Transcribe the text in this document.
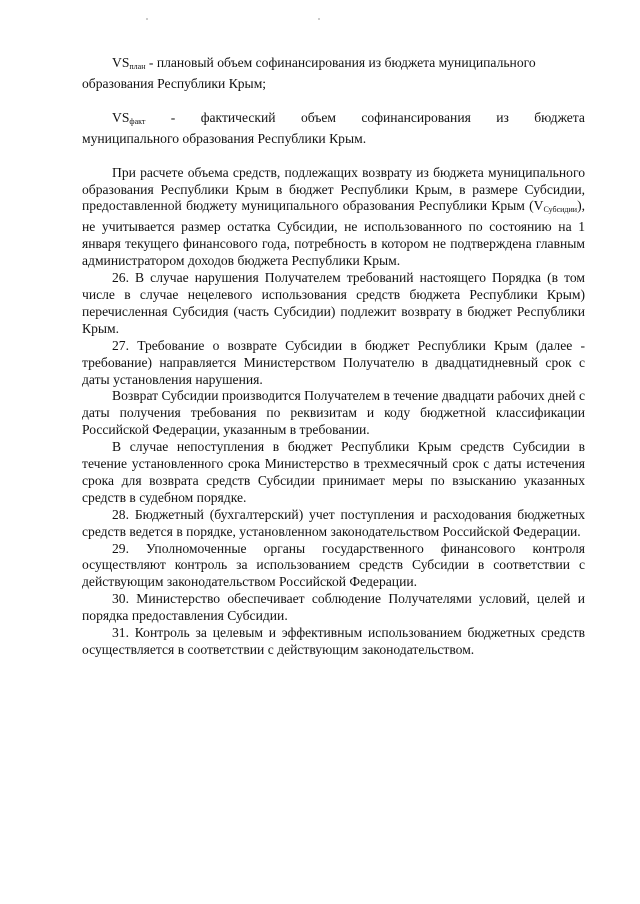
$VS_{план}$ - плановый объем софинансирования из бюджета муниципального
образования Республики Крым;
$VS_{факт}$ - фактический объем софинансирования из бюджета
муниципального образования Республики Крым.

При расчете объема средств, подлежащих возврату из бюджета муниципального образования Республики Крым в бюджет Республики Крым, в размере Субсидии, предоставленной бюджету муниципального образования Республики Крым $(V_{Субсидии})$, не учитывается размер остатка Субсидии, не использованного по состоянию на 1 января текущего финансового года, потребность в котором не подтверждена главным администратором доходов бюджета Республики Крым.

26. В случае нарушения Получателем требований настоящего Порядка (в том числе в случае нецелевого использования средств бюджета Республики Крым) перечисленная Субсидия (часть Субсидии) подлежит возврату в бюджет Республики Крым.

27. Требование о возврате Субсидии в бюджет Республики Крым (далее - требование) направляется Министерством Получателю в двадцатидневный срок с даты установления нарушения.

Возврат Субсидии производится Получателем в течение двадцати рабочих дней с даты получения требования по реквизитам и коду бюджетной классификации Российской Федерации, указанным в требовании.

В случае непоступления в бюджет Республики Крым средств Субсидии в течение установленного срока Министерство в трехмесячный срок с даты истечения срока для возврата средств Субсидии принимает меры по взысканию указанных средств в судебном порядке.

28. Бюджетный (бухгалтерский) учет поступления и расходования бюджетных средств ведется в порядке, установленном законодательством Российской Федерации.

29. Уполномоченные органы государственного финансового контроля осуществляют контроль за использованием средств Субсидии в соответствии с действующим законодательством Российской Федерации.

30. Министерство обеспечивает соблюдение Получателями условий, целей и порядка предоставления Субсидии.

31. Контроль за целевым и эффективным использованием бюджетных средств осуществляется в соответствии с действующим законодательством.
